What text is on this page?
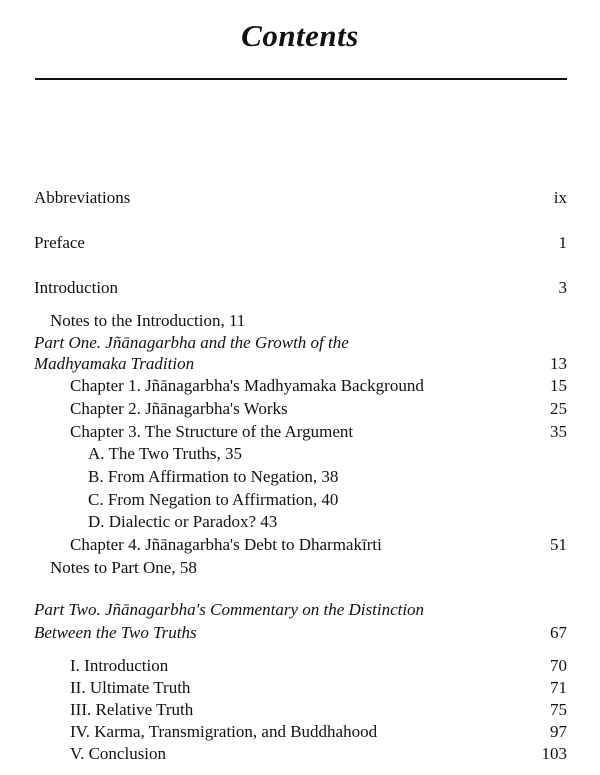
Contents
Abbreviations	ix
Preface	1
Introduction	3
Notes to the Introduction, 11
Part One. Jñānagarbha and the Growth of the
Madhyamaka Tradition	13
Chapter 1. Jñānagarbha's Madhyamaka Background	15
Chapter 2. Jñānagarbha's Works	25
Chapter 3. The Structure of the Argument	35
A. The Two Truths, 35
B. From Affirmation to Negation, 38
C. From Negation to Affirmation, 40
D. Dialectic or Paradox? 43
Chapter 4. Jñānagarbha's Debt to Dharmakīrti	51
Notes to Part One, 58
Part Two. Jñānagarbha's Commentary on the Distinction
Between the Two Truths	67
I. Introduction	70
II. Ultimate Truth	71
III. Relative Truth	75
IV. Karma, Transmigration, and Buddhahood	97
V. Conclusion	103
